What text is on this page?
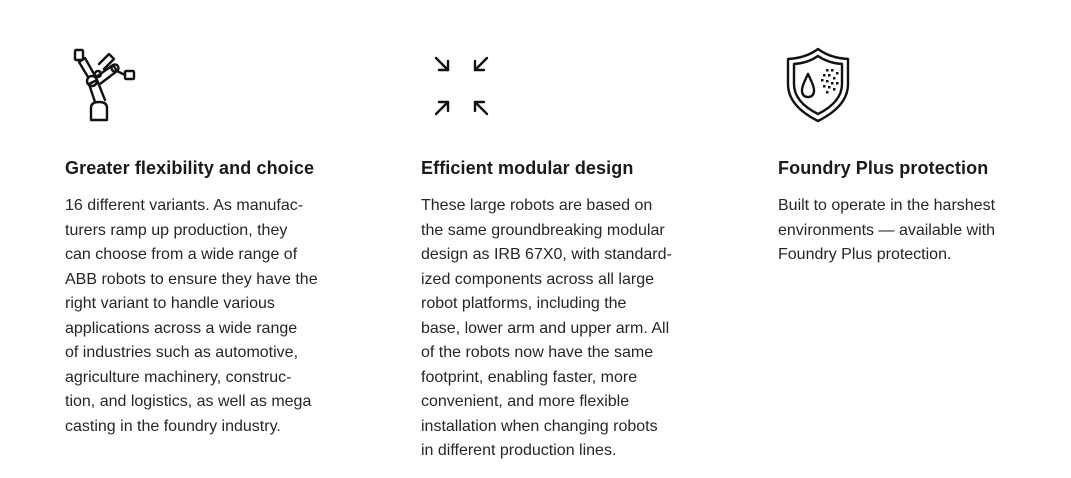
Greater flexibility and choice

16 different variants. As manufac-
turers ramp up production, they
can choose from a wide range of
ABB robots to ensure they have the
right variant to handle various
applications across a wide range
of industries such as automotive,
agriculture machinery, construc-
tion, and logistics, as well as mega
casting in the foundry industry.

Efficient modular design

These large robots are based on
the same groundbreaking modular
design as IRB 67X0, with standard-
ized components across all large
robot platforms, including the
base, lower arm and upper arm. All
of the robots now have the same
footprint, enabling faster, more
convenient, and more flexible
installation when changing robots
in different production lines.

Foundry Plus protection

Built to operate in the harshest
environments — available with
Foundry Plus protection.
